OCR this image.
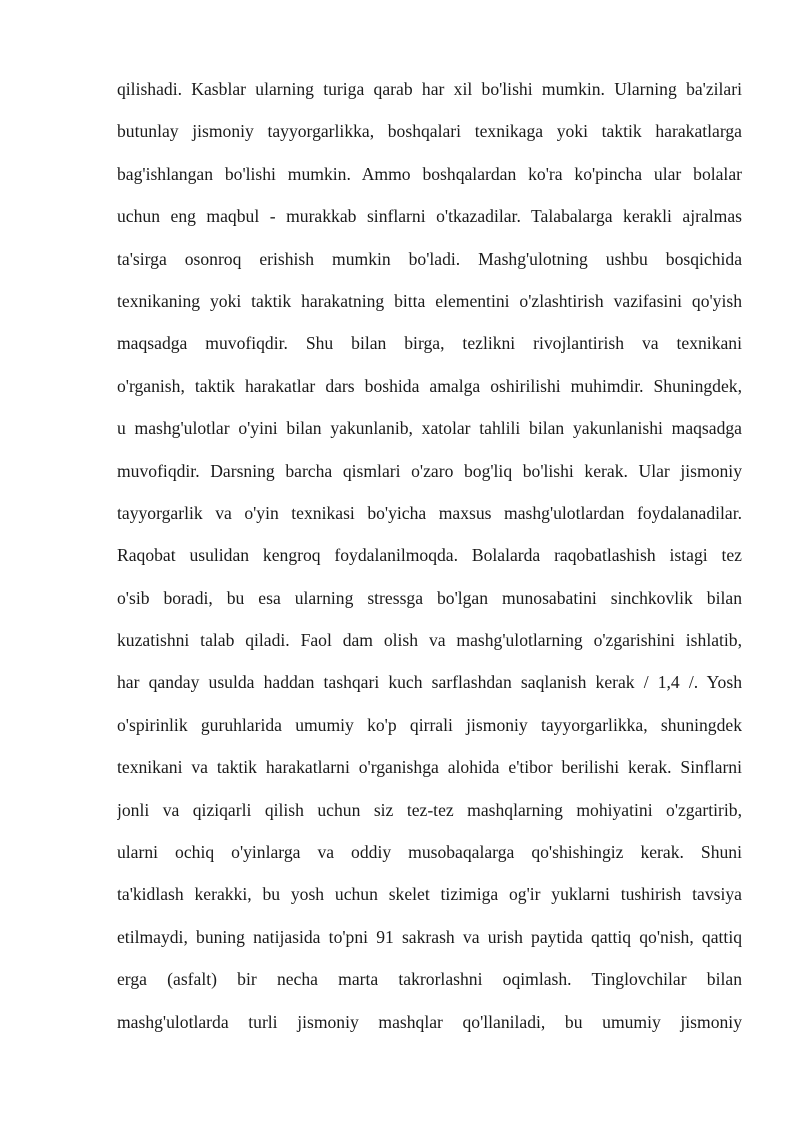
qilishadi. Kasblar ularning turiga qarab har xil bo'lishi mumkin. Ularning ba'zilari
butunlay jismoniy tayyorgarlikka, boshqalari texnikaga yoki taktik harakatlarga
bag'ishlangan bo'lishi mumkin. Ammo boshqalardan ko'ra ko'pincha ular bolalar
uchun eng maqbul - murakkab sinflarni o'tkazadilar. Talabalarga kerakli ajralmas
ta'sirga osonroq erishish mumkin bo'ladi. Mashg'ulotning ushbu bosqichida
texnikaning yoki taktik harakatning bitta elementini o'zlashtirish vazifasini qo'yish
maqsadga muvofiqdir. Shu bilan birga, tezlikni rivojlantirish va texnikani
o'rganish, taktik harakatlar dars boshida amalga oshirilishi muhimdir. Shuningdek,
u mashg'ulotlar o'yini bilan yakunlanib, xatolar tahlili bilan yakunlanishi maqsadga
muvofiqdir. Darsning barcha qismlari o'zaro bog'liq bo'lishi kerak. Ular jismoniy
tayyorgarlik va o'yin texnikasi bo'yicha maxsus mashg'ulotlardan foydalanadilar.
Raqobat usulidan kengroq foydalanilmoqda. Bolalarda raqobatlashish istagi tez
o'sib boradi, bu esa ularning stressga bo'lgan munosabatini sinchkovlik bilan
kuzatishni talab qiladi. Faol dam olish va mashg'ulotlarning o'zgarishini ishlatib,
har qanday usulda haddan tashqari kuch sarflashdan saqlanish kerak / 1,4 /. Yosh
o'spirinlik guruhlarida umumiy ko'p qirrali jismoniy tayyorgarlikka, shuningdek
texnikani va taktik harakatlarni o'rganishga alohida e'tibor berilishi kerak. Sinflarni
jonli va qiziqarli qilish uchun siz tez-tez mashqlarning mohiyatini o'zgartirib,
ularni ochiq o'yinlarga va oddiy musobaqalarga qo'shishingiz kerak. Shuni
ta'kidlash kerakki, bu yosh uchun skelet tizimiga og'ir yuklarni tushirish tavsiya
etilmaydi, buning natijasida to'pni 91 sakrash va urish paytida qattiq qo'nish, qattiq
erga (asfalt) bir necha marta takrorlashni oqimlash. Tinglovchilar bilan
mashg'ulotlarda turli jismoniy mashqlar qo'llaniladi, bu umumiy jismoniy
